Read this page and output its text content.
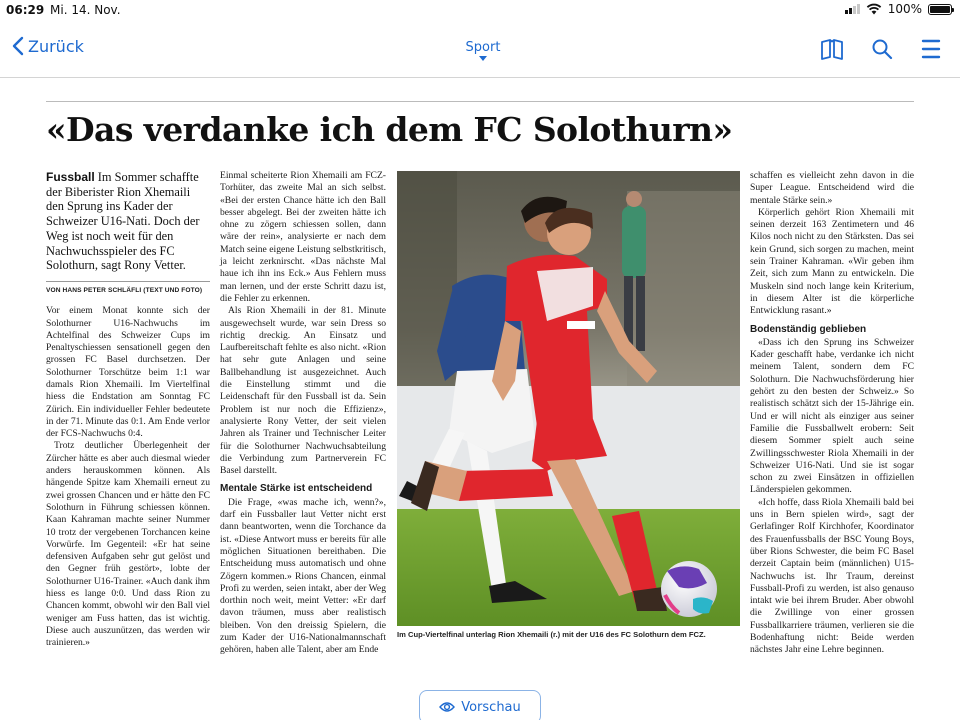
06:29 Mi. 14. Nov.	100%
Zurück	Sport
«Das verdanke ich dem FC Solothurn»

Fussball Im Sommer schaffte der Biberister Rion Xhemaili den Sprung ins Kader der Schweizer U16-Nati. Doch der Weg ist noch weit für den Nachwuchsspieler des FC Solothurn, sagt Rony Vetter.

VON HANS PETER SCHLÄFLI (TEXT UND FOTO)

Vor einem Monat konnte sich der Solothurner U16-Nachwuchs im Achtelfinal des Schweizer Cups im Penaltyschiessen sensationell gegen den grossen FC Basel durchsetzen. Der Solothurner Torschütze beim 1:1 war damals Rion Xhemaili. Im Viertelfinal hiess die Endstation am Sonntag FC Zürich. Ein individueller Fehler bedeutete in der 71. Minute das 0:1. Am Ende verlor der FCS-Nachwuchs 0:4.

Trotz deutlicher Überlegenheit der Zürcher hätte es aber auch diesmal wieder anders herauskommen können. Als hängende Spitze kam Xhemaili erneut zu zwei grossen Chancen und er hätte den FC Solothurn in Führung schiessen können. Kaan Kahraman machte seiner Nummer 10 trotz der vergebenen Torchancen keine Vorwürfe. Im Gegenteil: «Er hat seine defensiven Aufgaben sehr gut gelöst und den Gegner früh gestört», lobte der Solothurner U16-Trainer. «Auch dank ihm hiess es lange 0:0. Und dass Rion zu Chancen kommt, obwohl wir den Ball viel weniger am Fuss hatten, das ist wichtig. Diese auch auszunützen, das werden wir trainieren.»

Einmal scheiterte Rion Xhemaili am FCZ-Torhüter, das zweite Mal an sich selbst. «Bei der ersten Chance hätte ich den Ball besser abgelegt. Bei der zweiten hätte ich ohne zu zögern schiessen sollen, dann wäre der rein», analysierte er nach dem Match seine eigene Leistung selbstkritisch, ja leicht zerknirscht. «Das nächste Mal haue ich ihn ins Eck.» Aus Fehlern muss man lernen, und der erste Schritt dazu ist, die Fehler zu erkennen.

Als Rion Xhemaili in der 81. Minute ausgewechselt wurde, war sein Dress so richtig dreckig. An Einsatz und Laufbereitschaft fehlte es also nicht. «Rion hat sehr gute Anlagen und seine Ballbehandlung ist ausgezeichnet. Auch die Einstellung stimmt und die Leidenschaft für den Fussball ist da. Sein Problem ist nur noch die Effizienz», analysierte Rony Vetter, der seit vielen Jahren als Trainer und Technischer Leiter für die Solothurner Nachwuchsabteilung die Verbindung zum Partnerverein FC Basel darstellt.

Mentale Stärke ist entscheidend

Die Frage, «was mache ich, wenn?», darf ein Fussballer laut Vetter nicht erst dann beantworten, wenn die Torchance da ist. «Diese Antwort muss er bereits für alle möglichen Situationen bereithaben. Die Entscheidung muss automatisch und ohne Zögern kommen.» Rions Chancen, einmal Profi zu werden, seien intakt, aber der Weg dorthin noch weit, meint Vetter: «Er darf davon träumen, muss aber realistisch bleiben. Von den dreissig Spielern, die zum Kader der U16-Nationalmannschaft gehören, haben alle Talent, aber am Ende

Im Cup-Viertelfinal unterlag Rion Xhemaili (r.) mit der U16 des FC Solothurn dem FCZ.

schaffen es vielleicht zehn davon in die Super League. Entscheidend wird die mentale Stärke sein.»

Körperlich gehört Rion Xhemaili mit seinen derzeit 163 Zentimetern und 46 Kilos noch nicht zu den Stärksten. Das sei kein Grund, sich sorgen zu machen, meint sein Trainer Kahraman. «Wir geben ihm Zeit, sich zum Mann zu entwickeln. Die Muskeln sind noch lange kein Kriterium, in diesem Alter ist die körperliche Entwicklung rasant.»

Bodenständig geblieben

«Dass ich den Sprung ins Schweizer Kader geschafft habe, verdanke ich nicht meinem Talent, sondern dem FC Solothurn. Die Nachwuchsförderung hier gehört zu den besten der Schweiz.» So realistisch schätzt sich der 15-Jährige ein. Und er will nicht als einziger aus seiner Familie die Fussballwelt erobern: Seit diesem Sommer spielt auch seine Zwillingsschwester Riola Xhemaili in der Schweizer U16-Nati. Und sie ist sogar schon zu zwei Einsätzen in offiziellen Länderspielen gekommen.

«Ich hoffe, dass Riola Xhemaili bald bei uns in Bern spielen wird», sagt der Gerlafinger Rolf Kirchhofer, Koordinator des Frauenfussballs der BSC Young Boys, über Rions Schwester, die beim FC Basel derzeit Captain beim (männlichen) U15-Nachwuchs ist. Ihr Traum, dereinst Fussball-Profi zu werden, ist also genauso intakt wie bei ihrem Bruder. Aber obwohl die Zwillinge von einer grossen Fussballkarriere träumen, verlieren sie die Bodenhaftung nicht: Beide werden nächstes Jahr eine Lehre beginnen.

Vorschau
